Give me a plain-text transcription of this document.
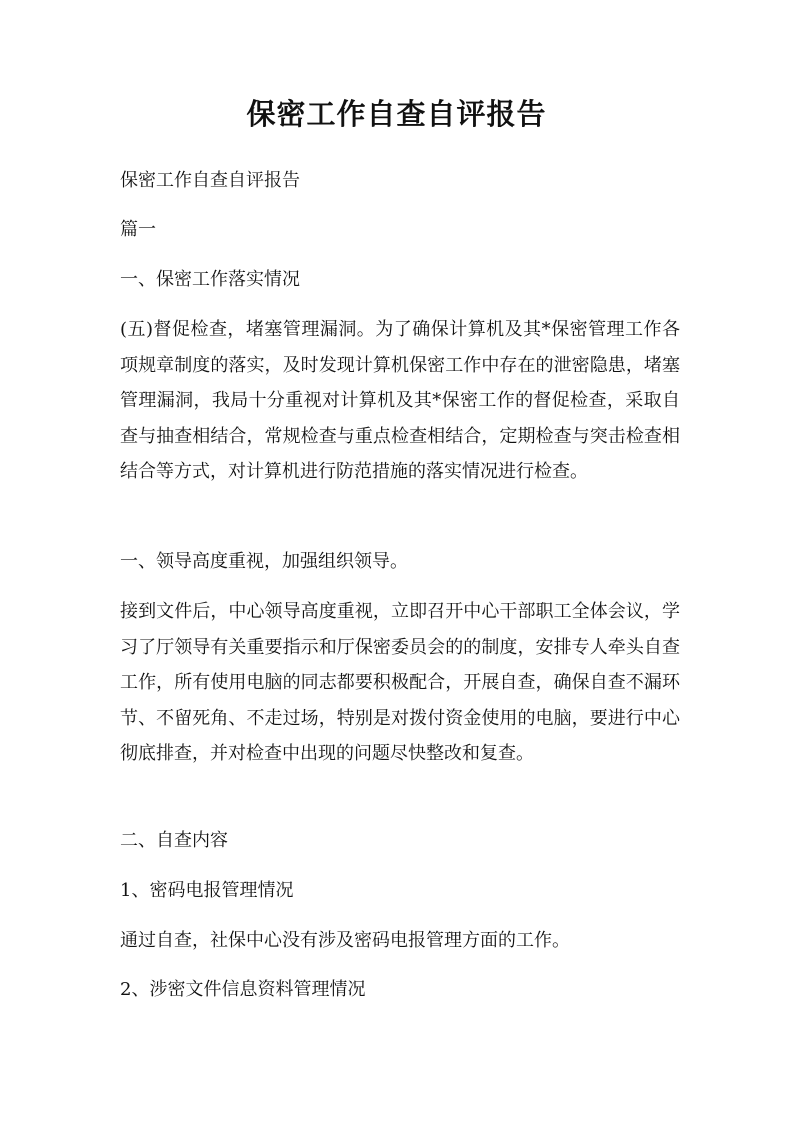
保密工作自查自评报告
保密工作自查自评报告
篇一
一、保密工作落实情况
(五)督促检查，堵塞管理漏洞。为了确保计算机及其*保密管理工作各项规章制度的落实，及时发现计算机保密工作中存在的泄密隐患，堵塞管理漏洞，我局十分重视对计算机及其*保密工作的督促检查，采取自查与抽查相结合，常规检查与重点检查相结合，定期检查与突击检查相结合等方式，对计算机进行防范措施的落实情况进行检查。
一、领导高度重视，加强组织领导。
接到文件后，中心领导高度重视，立即召开中心干部职工全体会议，学习了厅领导有关重要指示和厅保密委员会的的制度，安排专人牵头自查工作，所有使用电脑的同志都要积极配合，开展自查，确保自查不漏环节、不留死角、不走过场，特别是对拨付资金使用的电脑，要进行中心彻底排查，并对检查中出现的问题尽快整改和复查。
二、自查内容
1、密码电报管理情况
通过自查，社保中心没有涉及密码电报管理方面的工作。
2、涉密文件信息资料管理情况
